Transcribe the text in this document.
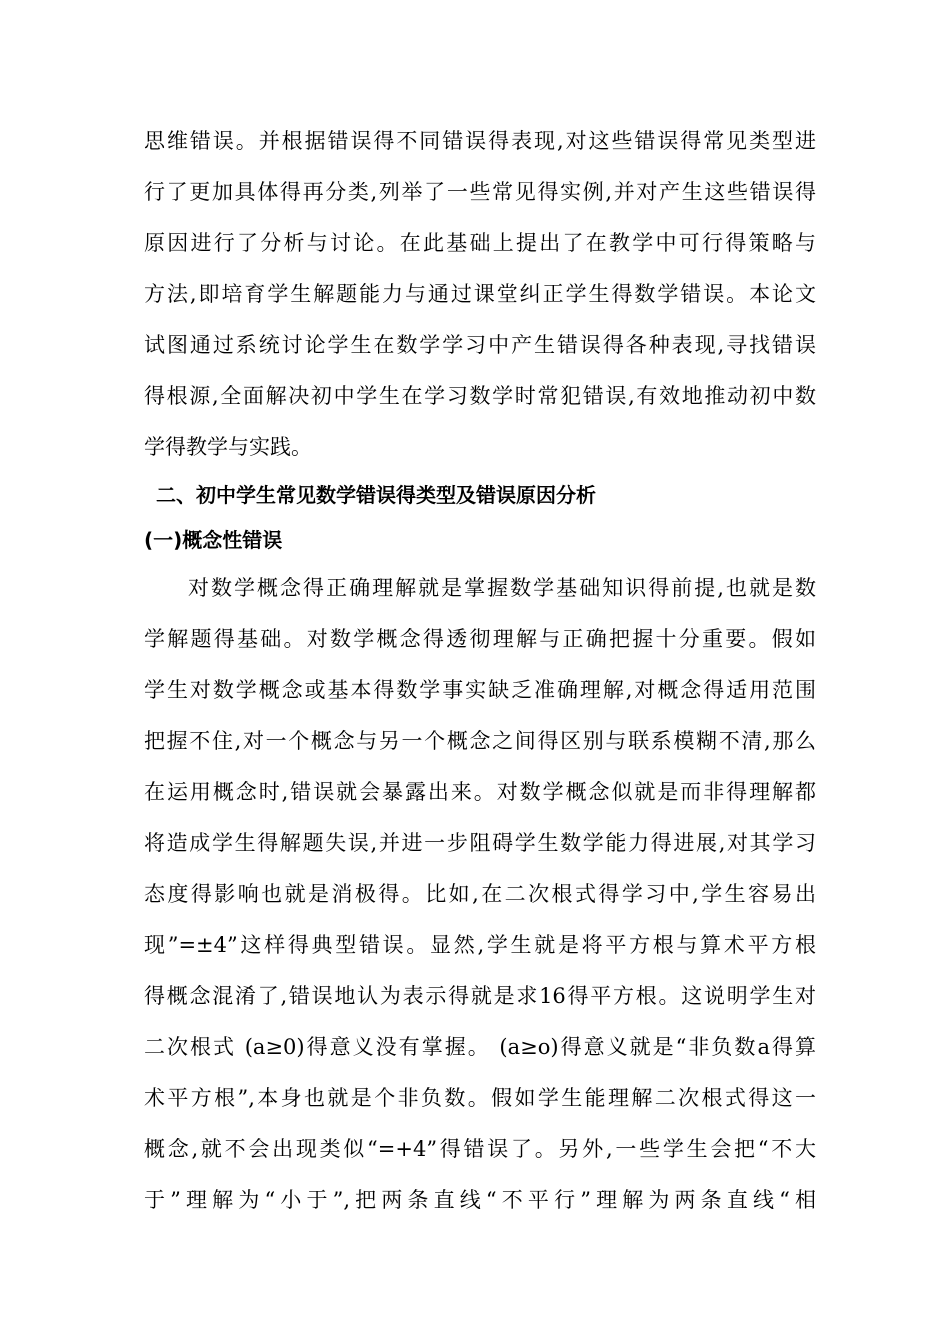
思维错误。并根据错误得不同错误得表现,对这些错误得常见类型进
行了更加具体得再分类,列举了一些常见得实例,并对产生这些错误得
原因进行了分析与讨论。在此基础上提出了在教学中可行得策略与
方法,即培育学生解题能力与通过课堂纠正学生得数学错误。本论文
试图通过系统讨论学生在数学学习中产生错误得各种表现,寻找错误
得根源,全面解决初中学生在学习数学时常犯错误,有效地推动初中数
学得教学与实践。
二、初中学生常见数学错误得类型及错误原因分析
(一)概念性错误
对数学概念得正确理解就是掌握数学基础知识得前提,也就是数
学解题得基础。对数学概念得透彻理解与正确把握十分重要。假如
学生对数学概念或基本得数学事实缺乏准确理解,对概念得适用范围
把握不住,对一个概念与另一个概念之间得区别与联系模糊不清,那么
在运用概念时,错误就会暴露出来。对数学概念似就是而非得理解都
将造成学生得解题失误,并进一步阻碍学生数学能力得进展,对其学习
态度得影响也就是消极得。比如,在二次根式得学习中,学生容易出
现”=±4”这样得典型错误。显然,学生就是将平方根与算术平方根
得概念混淆了,错误地认为表示得就是求16得平方根。这说明学生对
二次根式 (a≥0)得意义没有掌握。 (a≥o)得意义就是“非负数a得算
术平方根”,本身也就是个非负数。假如学生能理解二次根式得这一
概念,就不会出现类似“=+4”得错误了。另外,一些学生会把“不大
于”理解为“小于”,把两条直线“不平行”理解为两条直线“相
